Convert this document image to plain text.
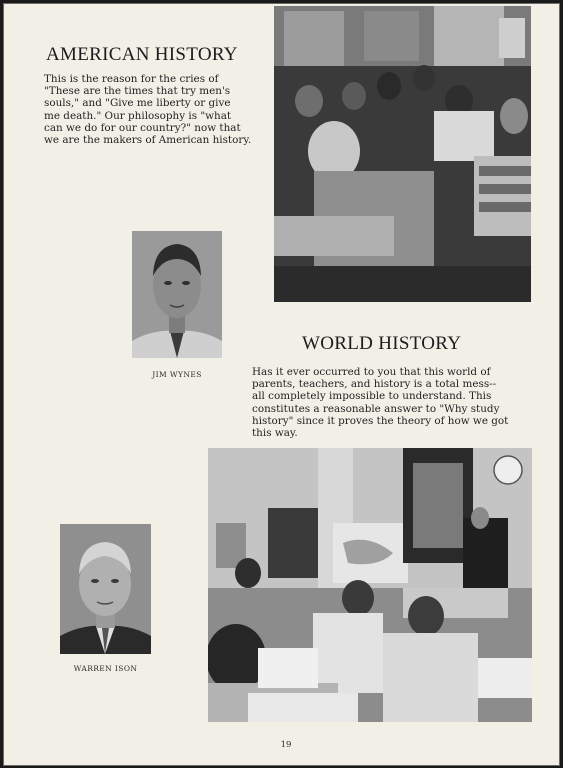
AMERICAN HISTORY
This is the reason for the cries of
"These are the times that try men's
souls," and "Give me liberty or give
me death." Our philosophy is "what
can we do for our country?" now that
we are the makers of American history.
JIM WYNES
WORLD HISTORY
Has it ever occurred to you that this world of
parents, teachers, and history is a total mess--
all completely impossible to understand. This
constitutes a reasonable answer to "Why study
history" since it proves the theory of how we got
this way.
WARREN ISON
19
